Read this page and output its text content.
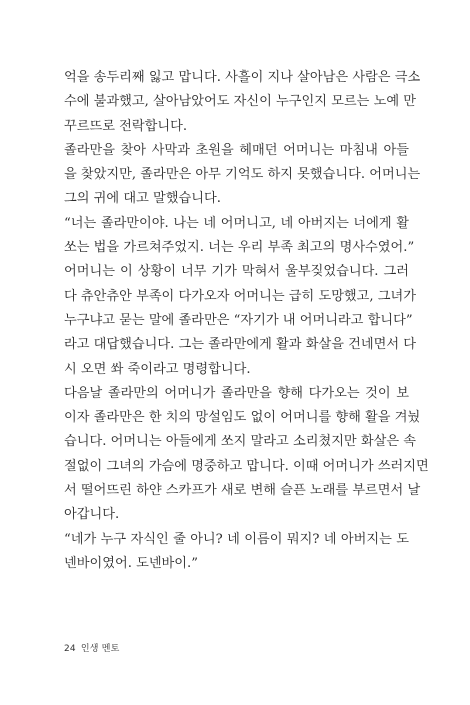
억을 송두리째 잃고 맙니다. 사흘이 지나 살아남은 사람은 극소
수에 불과했고, 살아남았어도 자신이 누구인지 모르는 노예 만
꾸르뜨로 전락합니다.
졸라만을 찾아 사막과 초원을 헤매던 어머니는 마침내 아들
을 찾았지만, 졸라만은 아무 기억도 하지 못했습니다. 어머니는
그의 귀에 대고 말했습니다.
“너는 졸라만이야. 나는 네 어머니고, 네 아버지는 너에게 활
쏘는 법을 가르쳐주었지. 너는 우리 부족 최고의 명사수였어.”
어머니는 이 상황이 너무 기가 막혀서 울부짖었습니다. 그러
다 츄안츄안 부족이 다가오자 어머니는 급히 도망했고, 그녀가
누구냐고 묻는 말에 졸라만은 “자기가 내 어머니라고 합니다”
라고 대답했습니다. 그는 졸라만에게 활과 화살을 건네면서 다
시 오면 쏴 죽이라고 명령합니다.
다음날 졸라만의 어머니가 졸라만을 향해 다가오는 것이 보
이자 졸라만은 한 치의 망설임도 없이 어머니를 향해 활을 겨눴
습니다. 어머니는 아들에게 쏘지 말라고 소리쳤지만 화살은 속
절없이 그녀의 가슴에 명중하고 맙니다. 이때 어머니가 쓰러지면
서 떨어뜨린 하얀 스카프가 새로 변해 슬픈 노래를 부르면서 날
아갑니다.
“네가 누구 자식인 줄 아니? 네 이름이 뭐지? 네 아버지는 도
넨바이였어. 도넨바이.”
24 인생 멘토
